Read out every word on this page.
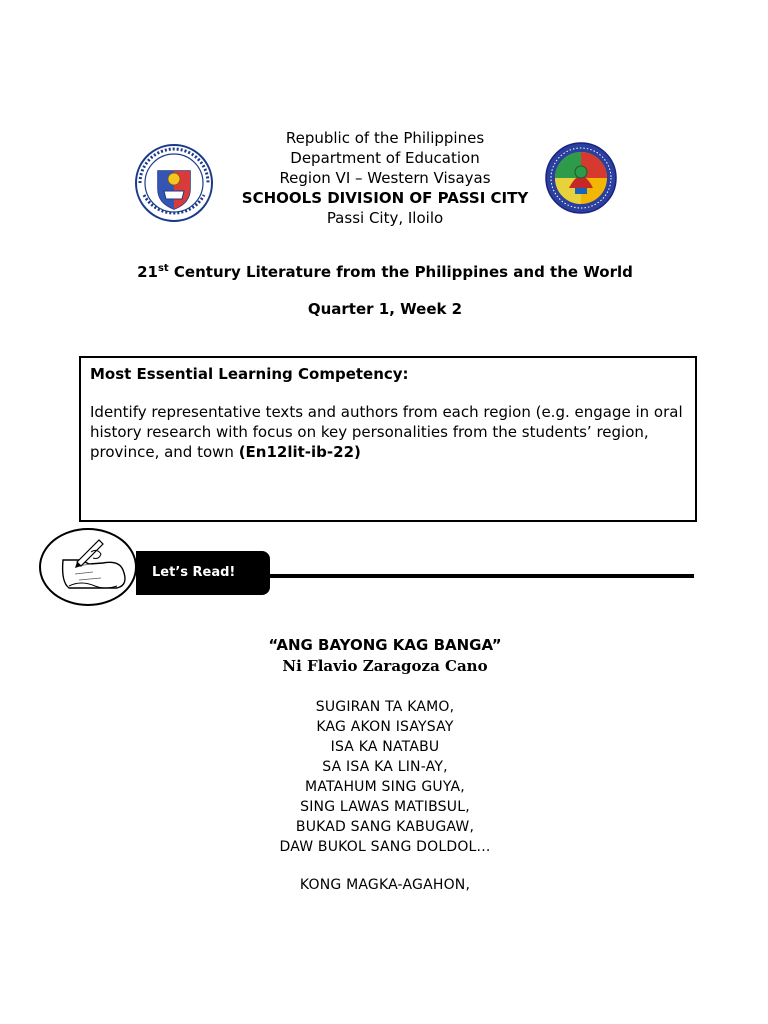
Republic of the Philippines
Department of Education
Region VI – Western Visayas
SCHOOLS DIVISION OF PASSI CITY
Passi City, Iloilo
21st Century Literature from the Philippines and the World
Quarter 1, Week 2
Most Essential Learning Competency:
Identify representative texts and authors from each region (e.g. engage in oral history research with focus on key personalities from the students’ region, province, and town (En12lit-ib-22)
Let’s Read!
“ANG BAYONG KAG BANGA”
Ni Flavio Zaragoza Cano
SUGIRAN TA KAMO,
KAG AKON ISAYSAY
ISA KA NATABU
SA ISA KA LIN-AY,
MATAHUM SING GUYA,
SING LAWAS MATIBSUL,
BUKAD SANG KABUGAW,
DAW BUKOL SANG DOLDOL...
KONG MAGKA-AGAHON,
